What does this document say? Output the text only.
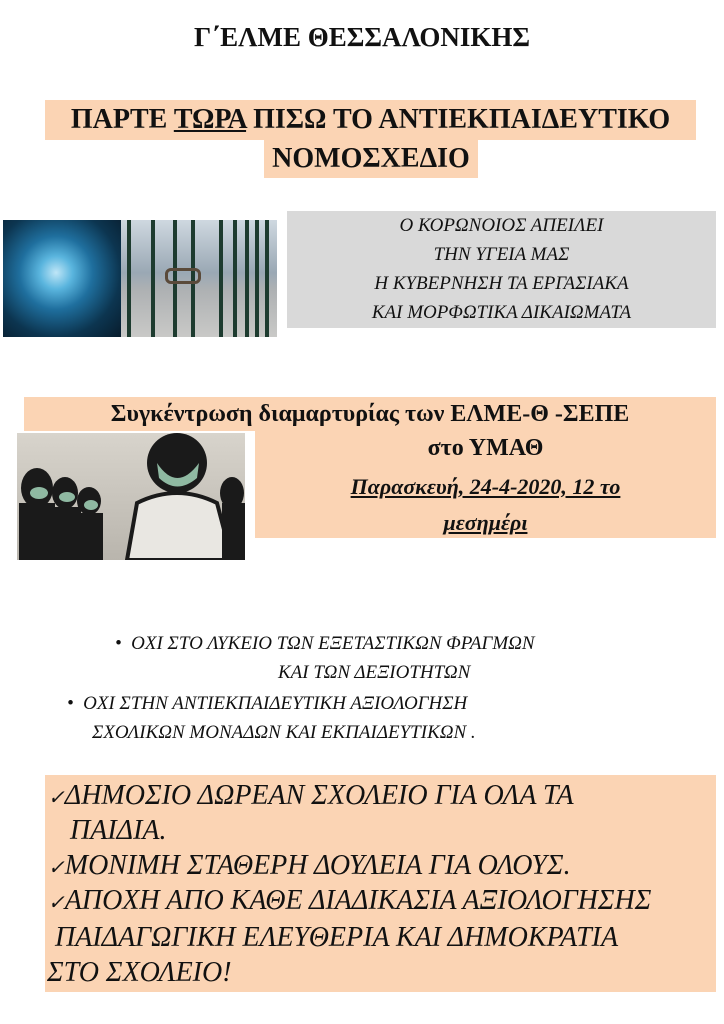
Γ΄ΕΛΜΕ ΘΕΣΣΑΛΟΝΙΚΗΣ
ΠΑΡΤΕ ΤΩΡΑ ΠΙΣΩ ΤΟ ΑΝΤΙΕΚΠΑΙΔΕΥΤΙΚΟ
ΝΟΜΟΣΧΕΔΙΟ
Ο ΚΟΡΩΝΟΙΟΣ ΑΠΕΙΛΕΙ
ΤΗΝ ΥΓΕΙΑ ΜΑΣ
Η ΚΥΒΕΡΝΗΣΗ ΤΑ ΕΡΓΑΣΙΑΚΑ
ΚΑΙ ΜΟΡΦΩΤΙΚΑ ΔΙΚΑΙΩΜΑΤΑ
Συγκέντρωση διαμαρτυρίας των ΕΛΜΕ-Θ -ΣΕΠΕ
στο ΥΜΑΘ
Παρασκευή, 24-4-2020, 12 το
μεσημέρι
•  ΟΧΙ ΣΤΟ ΛΥΚΕΙΟ ΤΩΝ ΕΞΕΤΑΣΤΙΚΩΝ ΦΡΑΓΜΩΝ
ΚΑΙ ΤΩΝ ΔΕΞΙΟΤΗΤΩΝ
•  ΟΧΙ ΣΤΗΝ ΑΝΤΙΕΚΠΑΙΔΕΥΤΙΚΗ ΑΞΙΟΛΟΓΗΣΗ
ΣΧΟΛΙΚΩΝ ΜΟΝΑΔΩΝ ΚΑΙ ΕΚΠΑΙΔΕΥΤΙΚΩΝ .
✓ΔΗΜΟΣΙΟ ΔΩΡΕΑΝ ΣΧΟΛΕΙΟ ΓΙΑ ΟΛΑ ΤΑ
ΠΑΙΔΙΑ.
✓ΜΟΝΙΜΗ ΣΤΑΘΕΡΗ ΔΟΥΛΕΙΑ ΓΙΑ ΟΛΟΥΣ.
✓ΑΠΟΧΗ ΑΠΟ ΚΑΘΕ ΔΙΑΔΙΚΑΣΙΑ ΑΞΙΟΛΟΓΗΣΗΣ
ΠΑΙΔΑΓΩΓΙΚΗ ΕΛΕΥΘΕΡΙΑ ΚΑΙ ΔΗΜΟΚΡΑΤΙΑ
ΣΤΟ ΣΧΟΛΕΙΟ!
